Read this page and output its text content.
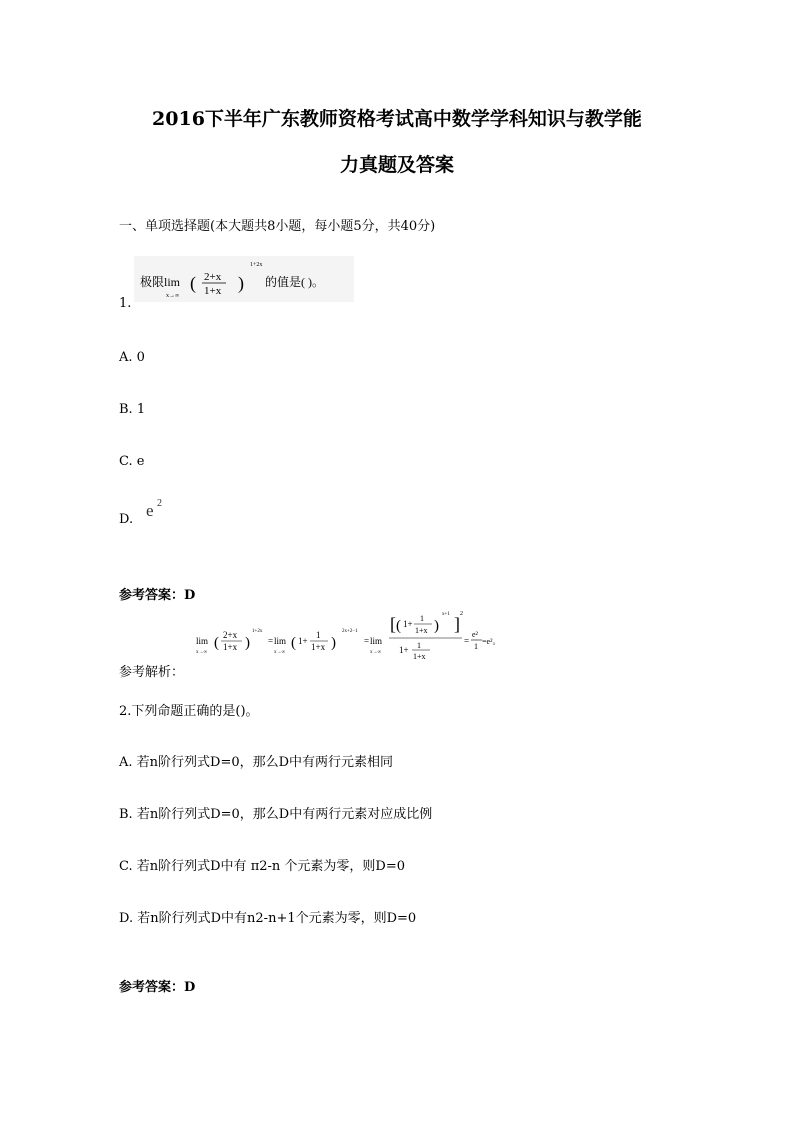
2016下半年广东教师资格考试高中数学学科知识与教学能
力真题及答案
一、单项选择题(本大题共8小题，每小题5分，共40分)
极限 lim
x→∞
( 2+x
1+x )
1+2x
的值是( )。
1.
A. 0
B. 1
C. e
D. e 2
参考答案：D
lim
x→∞
( 2+x
1+x )
1+2x
= lim
x→∞
( 1+
1
1+x )
2x+2−1
= lim
x→∞
[ ( 1+
1
1+x )
x+1 ] 2
1+ 1
1+x
=
e²
1
=e²。
参考解析：
2.下列命题正确的是()。
A. 若n阶行列式D=0，那么D中有两行元素相同
B. 若n阶行列式D=0，那么D中有两行元素对应成比例
C. 若n阶行列式D中有 π2-n 个元素为零，则D=0
D. 若n阶行列式D中有n2-n+1个元素为零，则D=0
参考答案：D
